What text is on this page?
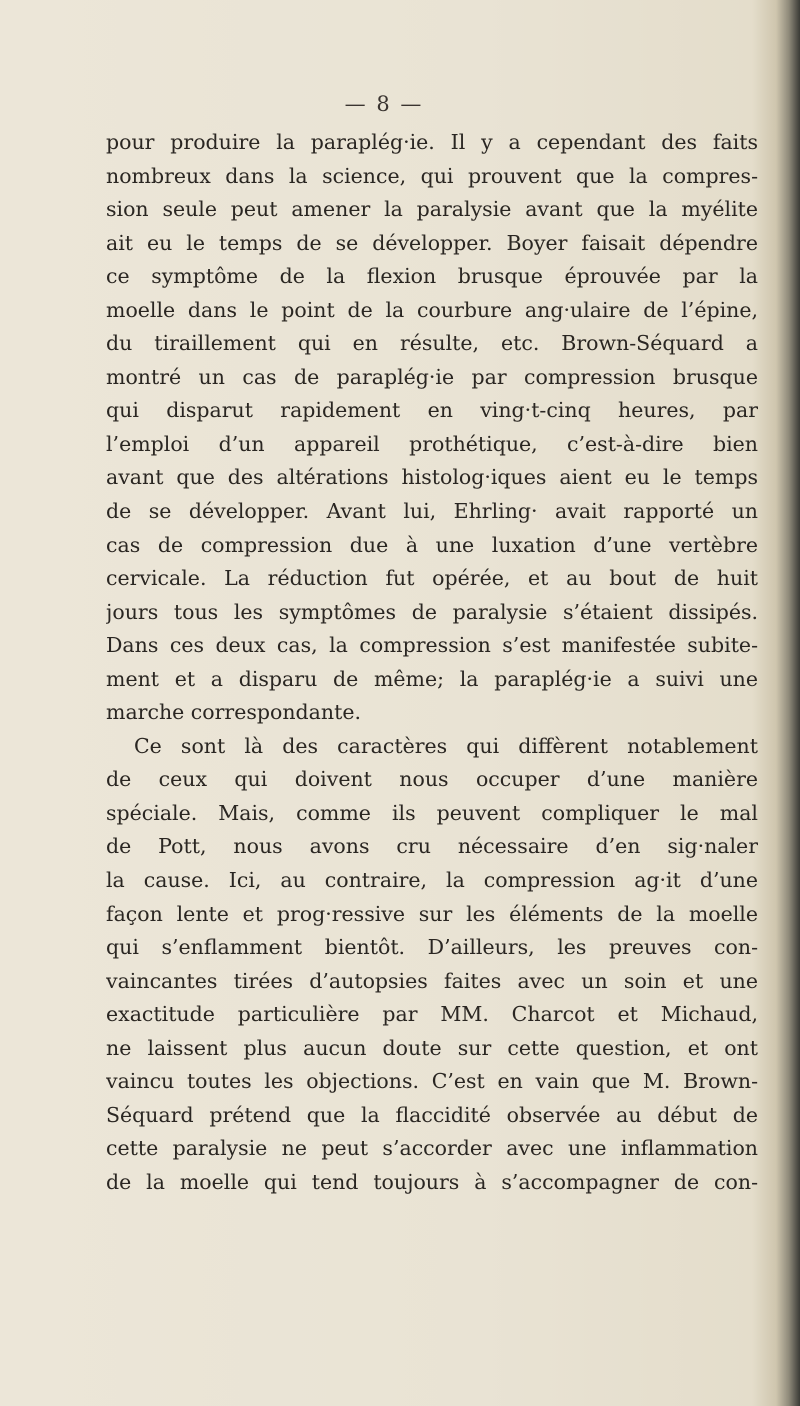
— 8 —
pour produire la paraplég·ie. Il y a cependant des faits
nombreux dans la science, qui prouvent que la compres-
sion seule peut amener la paralysie avant que la myélite
ait eu le temps de se développer. Boyer faisait dépendre
ce symptôme de la flexion brusque éprouvée par la
moelle dans le point de la courbure ang·ulaire de l’épine,
du tiraillement qui en résulte, etc. Brown-Séquard a
montré un cas de paraplég·ie par compression brusque
qui disparut rapidement en ving·t-cinq heures, par
l’emploi d’un appareil prothétique, c’est-à-dire bien
avant que des altérations histolog·iques aient eu le temps
de se développer. Avant lui, Ehrling· avait rapporté un
cas de compression due à une luxation d’une vertèbre
cervicale. La réduction fut opérée, et au bout de huit
jours tous les symptômes de paralysie s’étaient dissipés.
Dans ces deux cas, la compression s’est manifestée subite-
ment et a disparu de même; la paraplég·ie a suivi une
marche correspondante.
Ce sont là des caractères qui diffèrent notablement
de ceux qui doivent nous occuper d’une manière
spéciale. Mais, comme ils peuvent compliquer le mal
de Pott, nous avons cru nécessaire d’en sig·naler
la cause. Ici, au contraire, la compression ag·it d’une
façon lente et prog·ressive sur les éléments de la moelle
qui s’enflamment bientôt. D’ailleurs, les preuves con-
vaincantes tirées d’autopsies faites avec un soin et une
exactitude particulière par MM. Charcot et Michaud,
ne laissent plus aucun doute sur cette question, et ont
vaincu toutes les objections. C’est en vain que M. Brown-
Séquard prétend que la flaccidité observée au début de
cette paralysie ne peut s’accorder avec une inflammation
de la moelle qui tend toujours à s’accompagner de con-
